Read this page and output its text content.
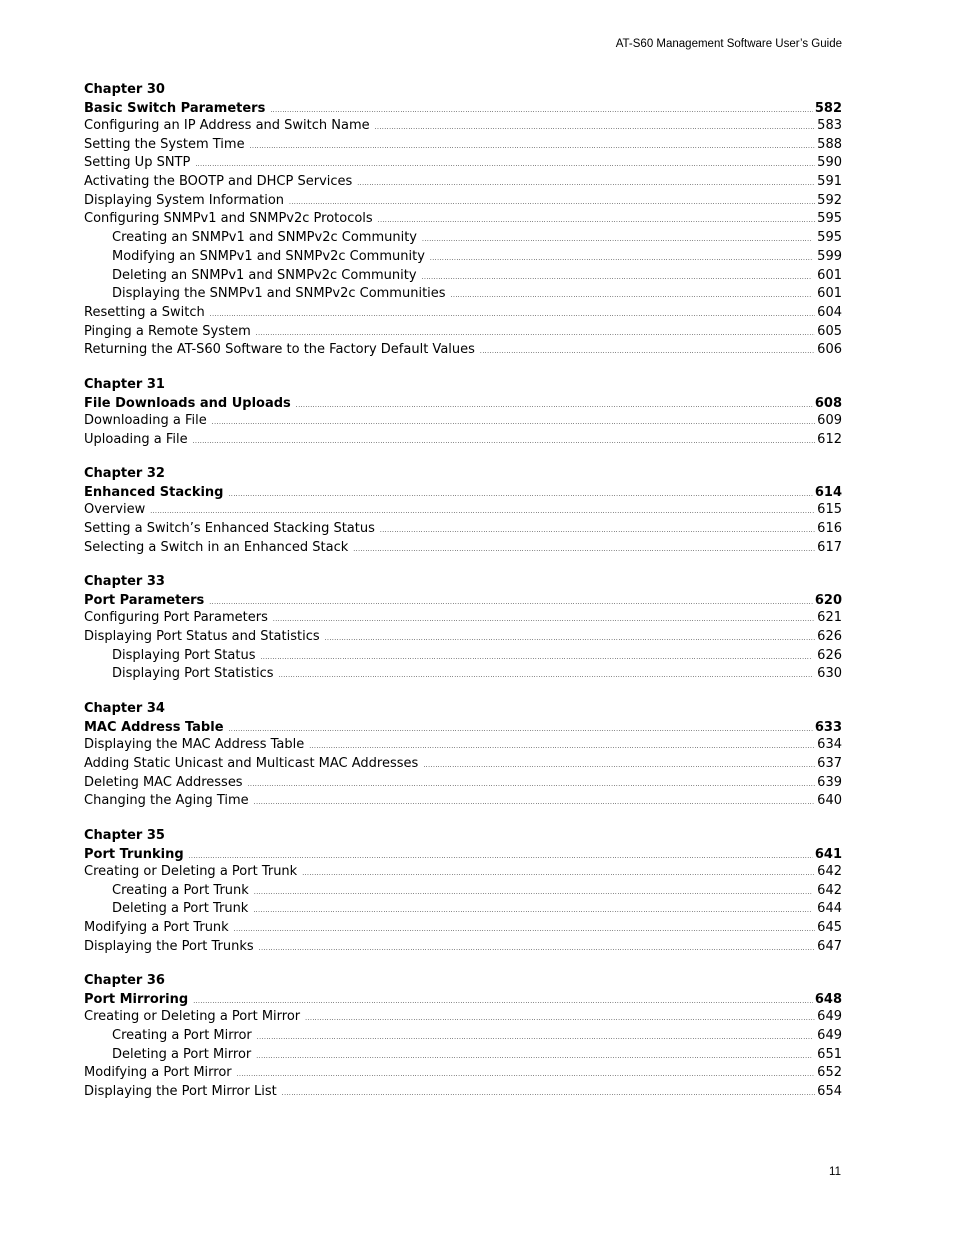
AT-S60 Management Software User’s Guide
Chapter 30
Basic Switch Parameters .....	582
Configuring an IP Address and Switch Name .....	583
Setting the System Time .....	588
Setting Up SNTP .....	590
Activating the BOOTP and DHCP Services .....	591
Displaying System Information .....	592
Configuring SNMPv1 and SNMPv2c Protocols .....	595
Creating an SNMPv1 and SNMPv2c Community .....	595
Modifying an SNMPv1 and SNMPv2c Community .....	599
Deleting an SNMPv1 and SNMPv2c Community .....	601
Displaying the SNMPv1 and SNMPv2c Communities .....	601
Resetting a Switch .....	604
Pinging a Remote System .....	605
Returning the AT-S60 Software to the Factory Default Values .....	606
Chapter 31
File Downloads and Uploads .....	608
Downloading a File .....	609
Uploading a File .....	612
Chapter 32
Enhanced Stacking .....	614
Overview .....	615
Setting a Switch’s Enhanced Stacking Status .....	616
Selecting a Switch in an Enhanced Stack .....	617
Chapter 33
Port Parameters .....	620
Configuring Port Parameters .....	621
Displaying Port Status and Statistics .....	626
Displaying Port Status .....	626
Displaying Port Statistics .....	630
Chapter 34
MAC Address Table .....	633
Displaying the MAC Address Table .....	634
Adding Static Unicast and Multicast MAC Addresses .....	637
Deleting MAC Addresses .....	639
Changing the Aging Time .....	640
Chapter 35
Port Trunking .....	641
Creating or Deleting a Port Trunk .....	642
Creating a Port Trunk .....	642
Deleting a Port Trunk .....	644
Modifying a Port Trunk .....	645
Displaying the Port Trunks .....	647
Chapter 36
Port Mirroring .....	648
Creating or Deleting a Port Mirror .....	649
Creating a Port Mirror .....	649
Deleting a Port Mirror .....	651
Modifying a Port Mirror .....	652
Displaying the Port Mirror List .....	654
11
